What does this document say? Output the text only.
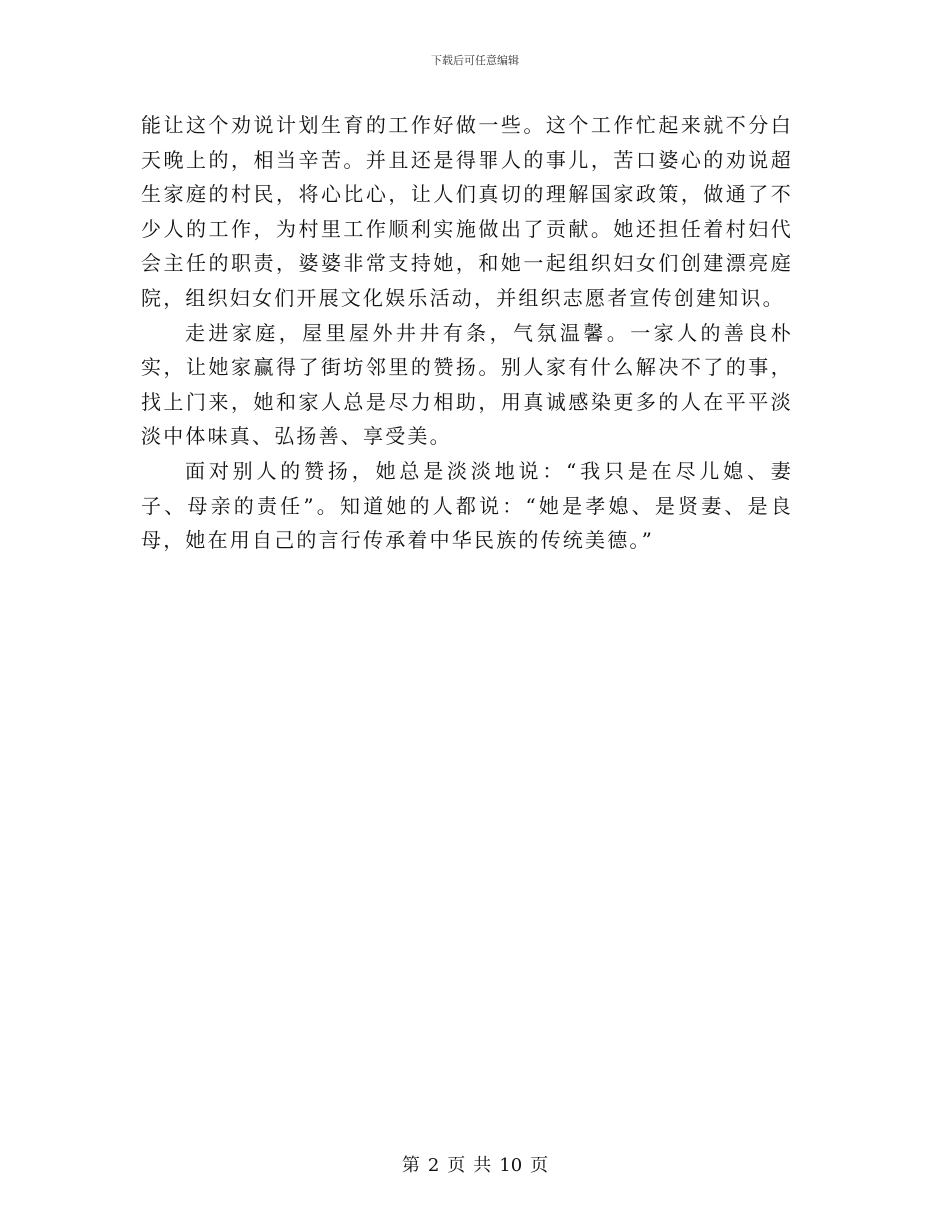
下载后可任意编辑

能让这个劝说计划生育的工作好做一些。这个工作忙起来就不分白天晚上的，相当辛苦。并且还是得罪人的事儿，苦口婆心的劝说超生家庭的村民，将心比心，让人们真切的理解国家政策，做通了不少人的工作，为村里工作顺利实施做出了贡献。她还担任着村妇代会主任的职责，婆婆非常支持她，和她一起组织妇女们创建漂亮庭院，组织妇女们开展文化娱乐活动，并组织志愿者宣传创建知识。

走进家庭，屋里屋外井井有条，气氛温馨。一家人的善良朴实，让她家赢得了街坊邻里的赞扬。别人家有什么解决不了的事，找上门来，她和家人总是尽力相助，用真诚感染更多的人在平平淡淡中体味真、弘扬善、享受美。

面对别人的赞扬，她总是淡淡地说：“我只是在尽儿媳、妻子、母亲的责任”。知道她的人都说：“她是孝媳、是贤妻、是良母，她在用自己的言行传承着中华民族的传统美德。”

第 2 页 共 10 页
